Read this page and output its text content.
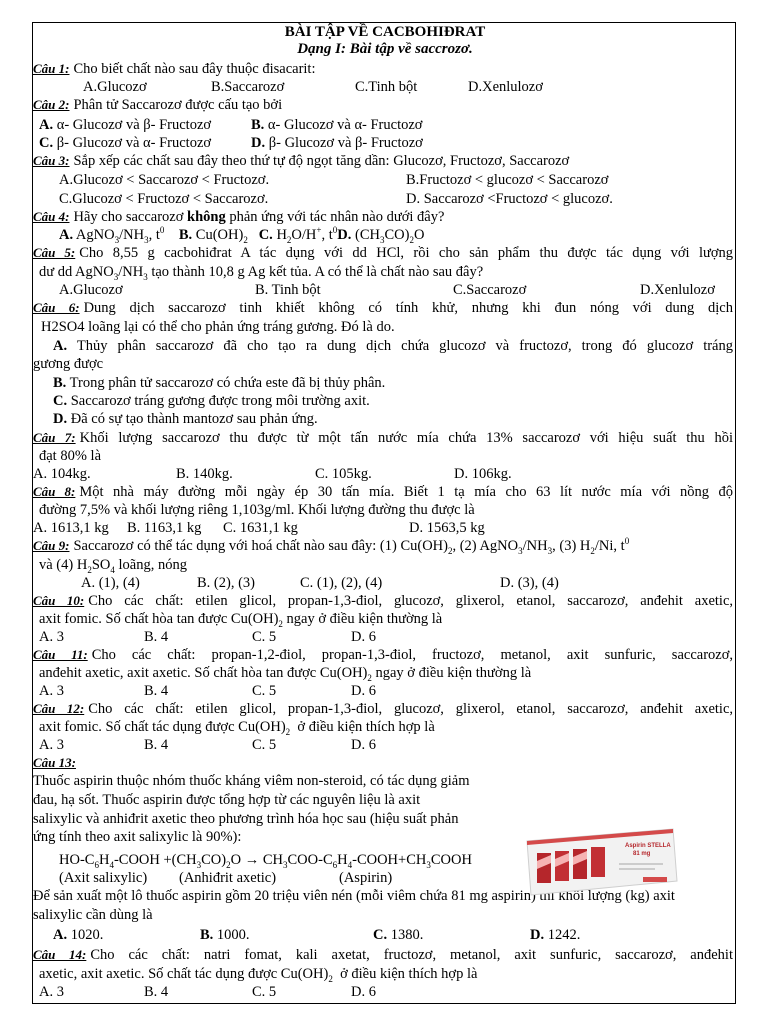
BÀI TẬP VỀ CACBOHIĐRAT
Dạng I: Bài tập về saccrozơ.
Câu 1: Cho biết chất nào sau đây thuộc đisacarit:
A.Glucozơ	B.Saccarozơ	C.Tinh bột	D.Xenlulozơ
Câu 2: Phân tử Saccarozơ được cấu tạo bởi
A. α- Glucozơ và β- Fructozơ	B. α- Glucozơ và α- Fructozơ
C. β- Glucozơ và α- Fructozơ	D. β- Glucozơ và β- Fructozơ
Câu 3: Sắp xếp các chất sau đây theo thứ tự độ ngọt tăng dần: Glucozơ, Fructozơ, Saccarozơ
A.Glucozơ < Saccarozơ < Fructozơ.	B.Fructozơ < glucozơ < Saccarozơ
C.Glucozơ < Fructozơ < Saccarozơ.	D. Saccarozơ <Fructozơ < glucozơ.
Câu 4: Hãy cho saccarozơ không phản ứng với tác nhân nào dưới đây?
A. $AgNO_3/NH_3$, $t^0$ B. $Cu(OH)_2$ C. $H_2O/H^+$, $t^0D$. $(CH_3CO)_2O$
Câu 5: Cho 8,55 g cacbohiđrat A tác dụng với dd HCl, rồi cho sản phẩm thu được tác dụng với lượng
dư dd $AgNO_3/NH_3$ tạo thành 10,8 g Ag kết tủa. A có thể là chất nào sau đây?
A.Glucozơ	B. Tinh bột	C.Saccarozơ	D.Xenlulozơ
Câu 6: Dung dịch saccarozơ tinh khiết không có tính khử, nhưng khi đun nóng với dung dịch
H2SO4 loãng lại có thể cho phản ứng tráng gương. Đó là do.
A. Thủy phân saccarozơ đã cho tạo ra dung dịch chứa glucozơ và fructozơ, trong đó glucozơ tráng
gương được
B. Trong phân tử saccarozơ có chứa este đã bị thủy phân.
C. Saccarozơ tráng gương được trong môi trường axit.
D. Đã có sự tạo thành mantozơ sau phản ứng.
Câu 7: Khối lượng saccarozơ thu được từ một tấn nước mía chứa 13% saccarozơ với hiệu suất thu hồi
đạt 80% là
A. 104kg.	B. 140kg.	C. 105kg.	D. 106kg.
Câu 8: Một nhà máy đường mỗi ngày ép 30 tấn mía. Biết 1 tạ mía cho 63 lít nước mía với nồng độ
đường 7,5% và khối lượng riêng 1,103g/ml. Khối lượng đường thu được là
A. 1613,1 kg B. 1163,1 kg C. 1631,1 kg	D. 1563,5 kg
Câu 9: Saccarozơ có thể tác dụng với hoá chất nào sau đây: (1) $Cu(OH)_2$, (2) $AgNO_3/NH_3$, (3) $H_2/Ni$, $t^0$
và (4) $H_2SO_4$ loãng, nóng
A. (1), (4)	B. (2), (3)	C. (1), (2), (4)	D. (3), (4)
Câu 10: Cho các chất: etilen glicol, propan-1,3-điol, glucozơ, glixerol, etanol, saccarozơ, anđehit axetic,
axit fomic. Số chất hòa tan được $Cu(OH)_2$ ngay ở điều kiện thường là
A. 3	B. 4	C. 5	D. 6
Câu 11: Cho các chất: propan-1,2-điol, propan-1,3-điol, fructozơ, metanol, axit sunfuric, saccarozơ,
anđehit axetic, axit axetic. Số chất hòa tan được $Cu(OH)_2$ ngay ở điều kiện thường là
A. 3	B. 4	C. 5	D. 6
Câu 12: Cho các chất: etilen glicol, propan-1,3-điol, glucozơ, glixerol, etanol, saccarozơ, anđehit axetic,
axit fomic. Số chất tác dụng được $Cu(OH)_2$  ở điều kiện thích hợp là
A. 3	B. 4	C. 5	D. 6
Câu 13:
Thuốc aspirin thuộc nhóm thuốc kháng viêm non-steroid, có tác dụng giảm
đau, hạ sốt. Thuốc aspirin được tổng hợp từ các nguyên liệu là axit
salixylic và anhiđrit axetic theo phương trình hóa học sau (hiệu suất phản
ứng tính theo axit salixylic là 90%):
$HO-C_6H_4$-COOH $+(CH_3CO)_2O$ → $CH_3COO-C_6H_4-COOH+CH_3COOH$
(Axit salixylic) (Anhiđrit axetic)	(Aspirin)
Để sản xuất một lô thuốc aspirin gồm 20 triệu viên nén (mỗi viêm chứa 81 mg aspirin) thì khối lượng (kg) axit
salixylic cần dùng là
A. 1020.	B. 1000.	C. 1380.	D. 1242.
Aspirin STELLA
81 mg
Câu 14: Cho các chất: natri fomat, kali axetat, fructozơ, metanol, axit sunfuric, saccarozơ, anđehit
axetic, axit axetic. Số chất tác dụng được $Cu(OH)_2$  ở điều kiện thích hợp là
A. 3	B. 4	C. 5	D. 6
